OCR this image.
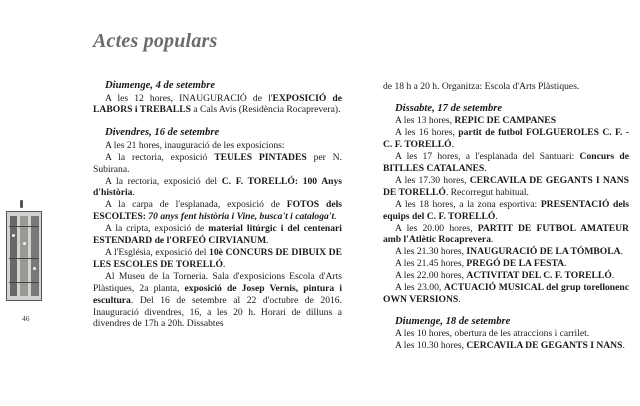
Actes populars
46
Diumenge, 4 de setembre

A les 12 hores, INAUGURACIÓ de l'EXPOSICIÓ de LABORS i TREBALLS a Cals Avis (Residència Rocaprevera).

Divendres, 16 de setembre

A les 21 hores, inauguració de les exposicions:

A la rectoria, exposició TEULES PINTADES per N. Subirana.

A la rectoria, exposició del C. F. TORELLÓ: 100 Anys d'història.

A la carpa de l'esplanada, exposició de FOTOS dels ESCOLTES: 70 anys fent història i Vine, busca't i cataloga't.

A la cripta, exposició de material litúrgic i del centenari ESTENDARD de l'ORFEÓ CIRVIANUM.

A l'Església, exposició del 10è CONCURS DE DIBUIX DE LES ESCOLES DE TORELLÓ.

Al Museu de la Torneria. Sala d'exposicions Escola d'Arts Plàstiques, 2a planta, exposició de Josep Vernis, pintura i escultura. Del 16 de setembre al 22 d'octubre de 2016. Inauguració divendres, 16, a les 20 h. Horari de dilluns a divendres de 17h a 20h. Dissabtes

de 18 h a 20 h. Organitza: Escola d'Arts Plàstiques.

Dissabte, 17 de setembre

A les 13 hores, REPIC DE CAMPANES

A les 16 hores, partit de futbol FOLGUEROLES C. F. - C. F. TORELLÓ.

A les 17 hores, a l'esplanada del Santuari: Concurs de BITLLES CATALANES.

A les 17.30 hores, CERCAVILA DE GEGANTS I NANS DE TORELLÓ. Recorregut habitual.

A les 18 hores, a la zona esportiva: PRESENTACIÓ dels equips del C. F. TORELLÓ.

A les 20.00 hores, PARTIT DE FUTBOL AMATEUR amb l'Atlètic Rocaprevera.

A les 21.30 hores, INAUGURACIÓ DE LA TÓMBOLA.

A les 21.45 hores, PREGÓ DE LA FESTA.

A les 22.00 hores, ACTIVITAT DEL C. F. TORELLÓ.

A les 23.00, ACTUACIÓ MUSICAL del grup torellonenc OWN VERSIONS.

Diumenge, 18 de setembre

A les 10 hores, obertura de les atraccions i carrilet.

A les 10.30 hores, CERCAVILA DE GEGANTS I NANS.
